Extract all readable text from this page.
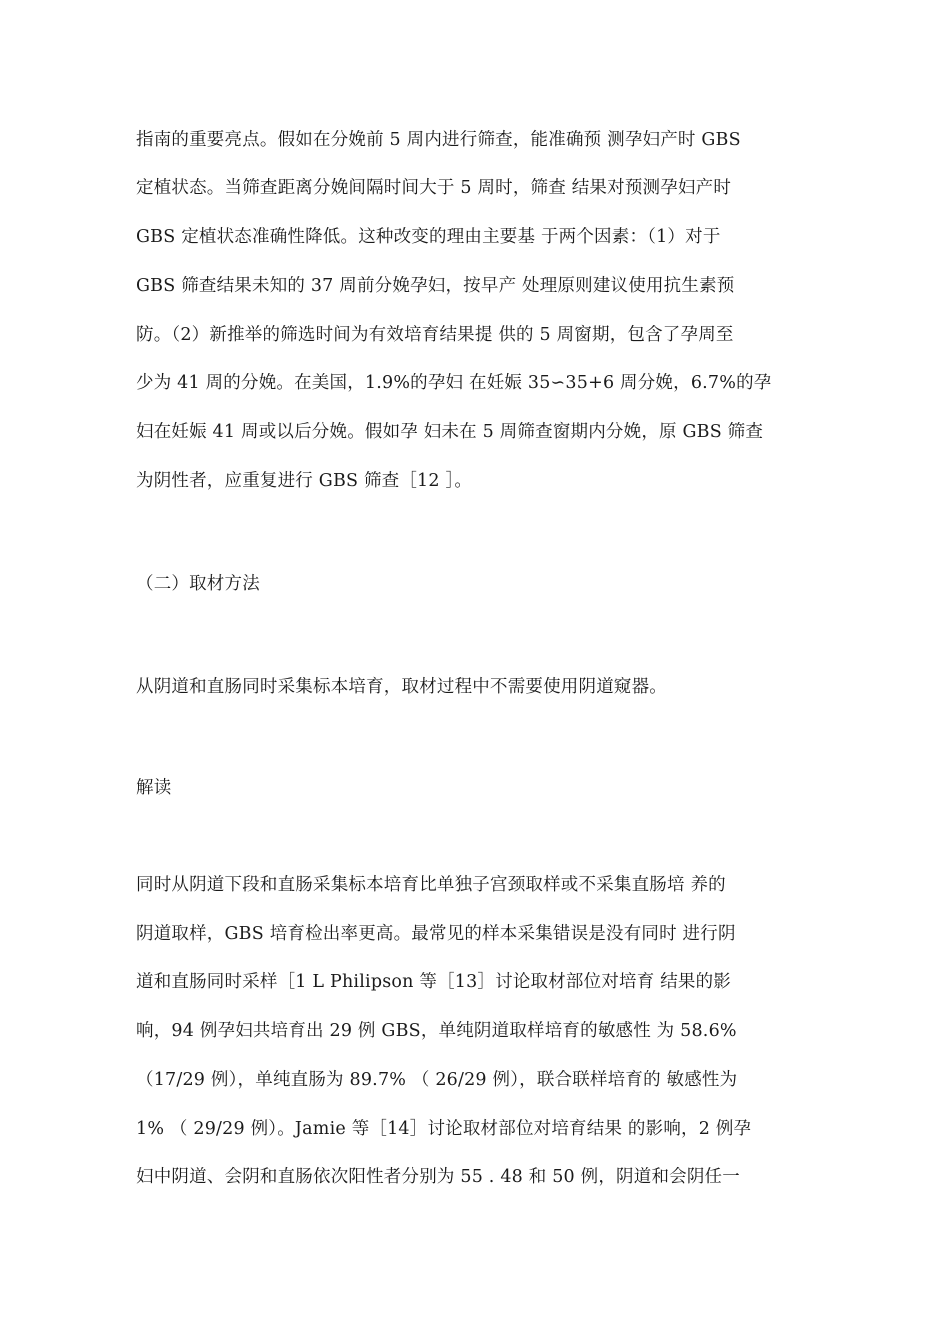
指南的重要亮点。假如在分娩前 5 周内进行筛查，能准确预 测孕妇产时 GBS
定植状态。当筛查距离分娩间隔时间大于 5 周时，筛查 结果对预测孕妇产时
GBS 定植状态准确性降低。这种改变的理由主要基 于两个因素：（1）对于
GBS 筛查结果未知的 37 周前分娩孕妇，按早产 处理原则建议使用抗生素预
防。（2）新推举的筛选时间为有效培育结果提 供的 5 周窗期，包含了孕周至
少为 41 周的分娩。在美国，1.9%的孕妇 在妊娠 35∽35+6 周分娩，6.7%的孕
妇在妊娠 41 周或以后分娩。假如孕 妇未在 5 周筛查窗期内分娩，原 GBS 筛查
为阴性者，应重复进行 GBS 筛查［12 ］。
（二）取材方法
从阴道和直肠同时采集标本培育，取材过程中不需要使用阴道窥器。
解读
同时从阴道下段和直肠采集标本培育比单独子宫颈取样或不采集直肠培 养的
阴道取样，GBS 培育检出率更高。最常见的样本采集错误是没有同时 进行阴
道和直肠同时采样［1 L Philipson 等［13］讨论取材部位对培育 结果的影
响，94 例孕妇共培育出 29 例 GBS，单纯阴道取样培育的敏感性 为 58.6%
（17/29 例），单纯直肠为 89.7% （ 26/29 例），联合联样培育的 敏感性为
1% （ 29/29 例）。Jamie 等［14］讨论取材部位对培育结果 的影响，2 例孕
妇中阴道、会阴和直肠依次阳性者分别为 55 . 48 和 50 例，阴道和会阴任一
